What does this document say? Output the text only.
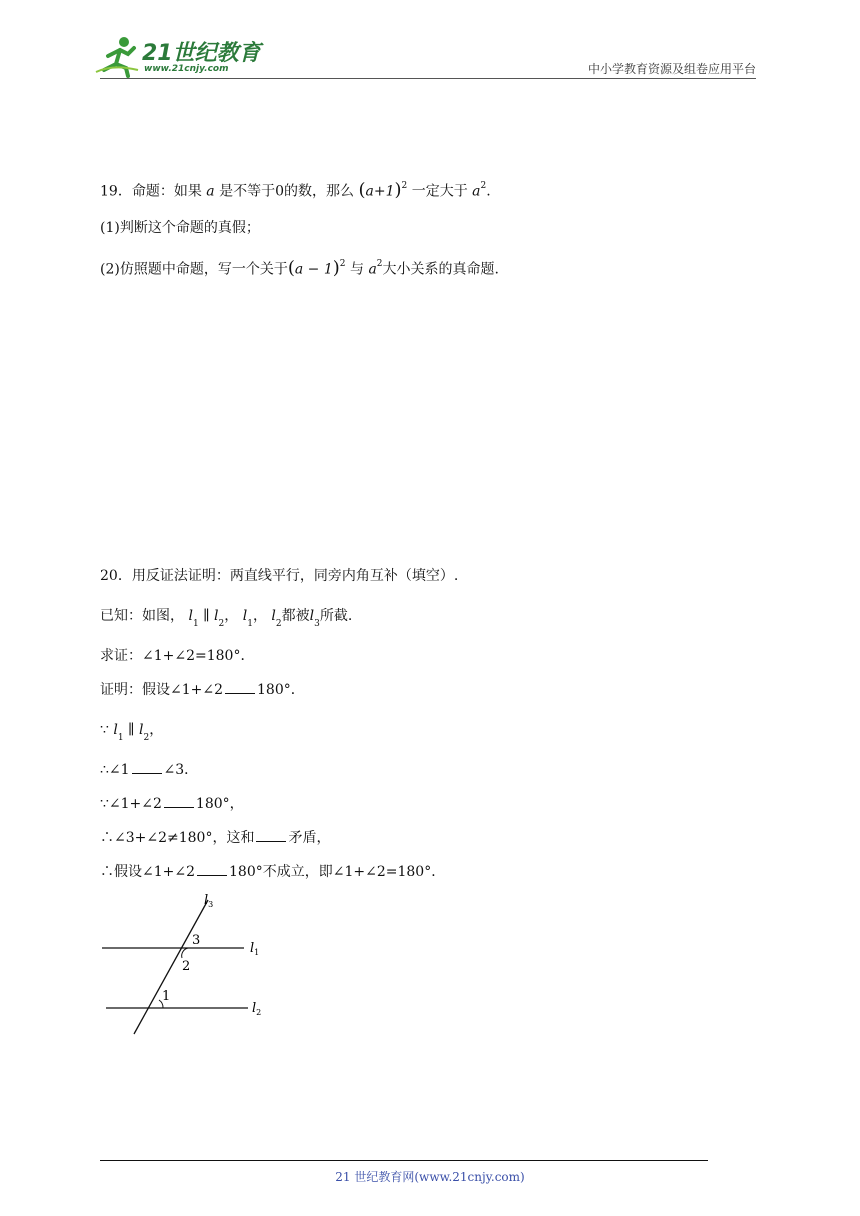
21世纪教育
www.21cnjy.com	中小学教育资源及组卷应用平台
19．命题：如果 a 是不等于0的数，那么 $(a+1)^2$ 一定大于 $a^2$.
(1)判断这个命题的真假；
(2)仿照题中命题，写一个关于$(a - 1)^2$ 与 $a^2$大小关系的真命题.
20．用反证法证明：两直线平行，同旁内角互补（填空）.
已知：如图， $l_1$ ∥ $l_2$， $l_1$， $l_2$都被$l_3$所截.
求证：∠1+∠2=180°．
证明：假设∠1+∠2 180°．
∵ $l_1$ ∥ $l_2$，
∴∠1 ∠3．
∵∠1+∠2 180°，
∴∠3+∠2≠180°，这和 矛盾，
∴假设∠1+∠2 180°不成立，即∠1+∠2=180°．
$l_3$
3
2
$l_1$
1
$l_2$
21 世纪教育网(www.21cnjy.com)
